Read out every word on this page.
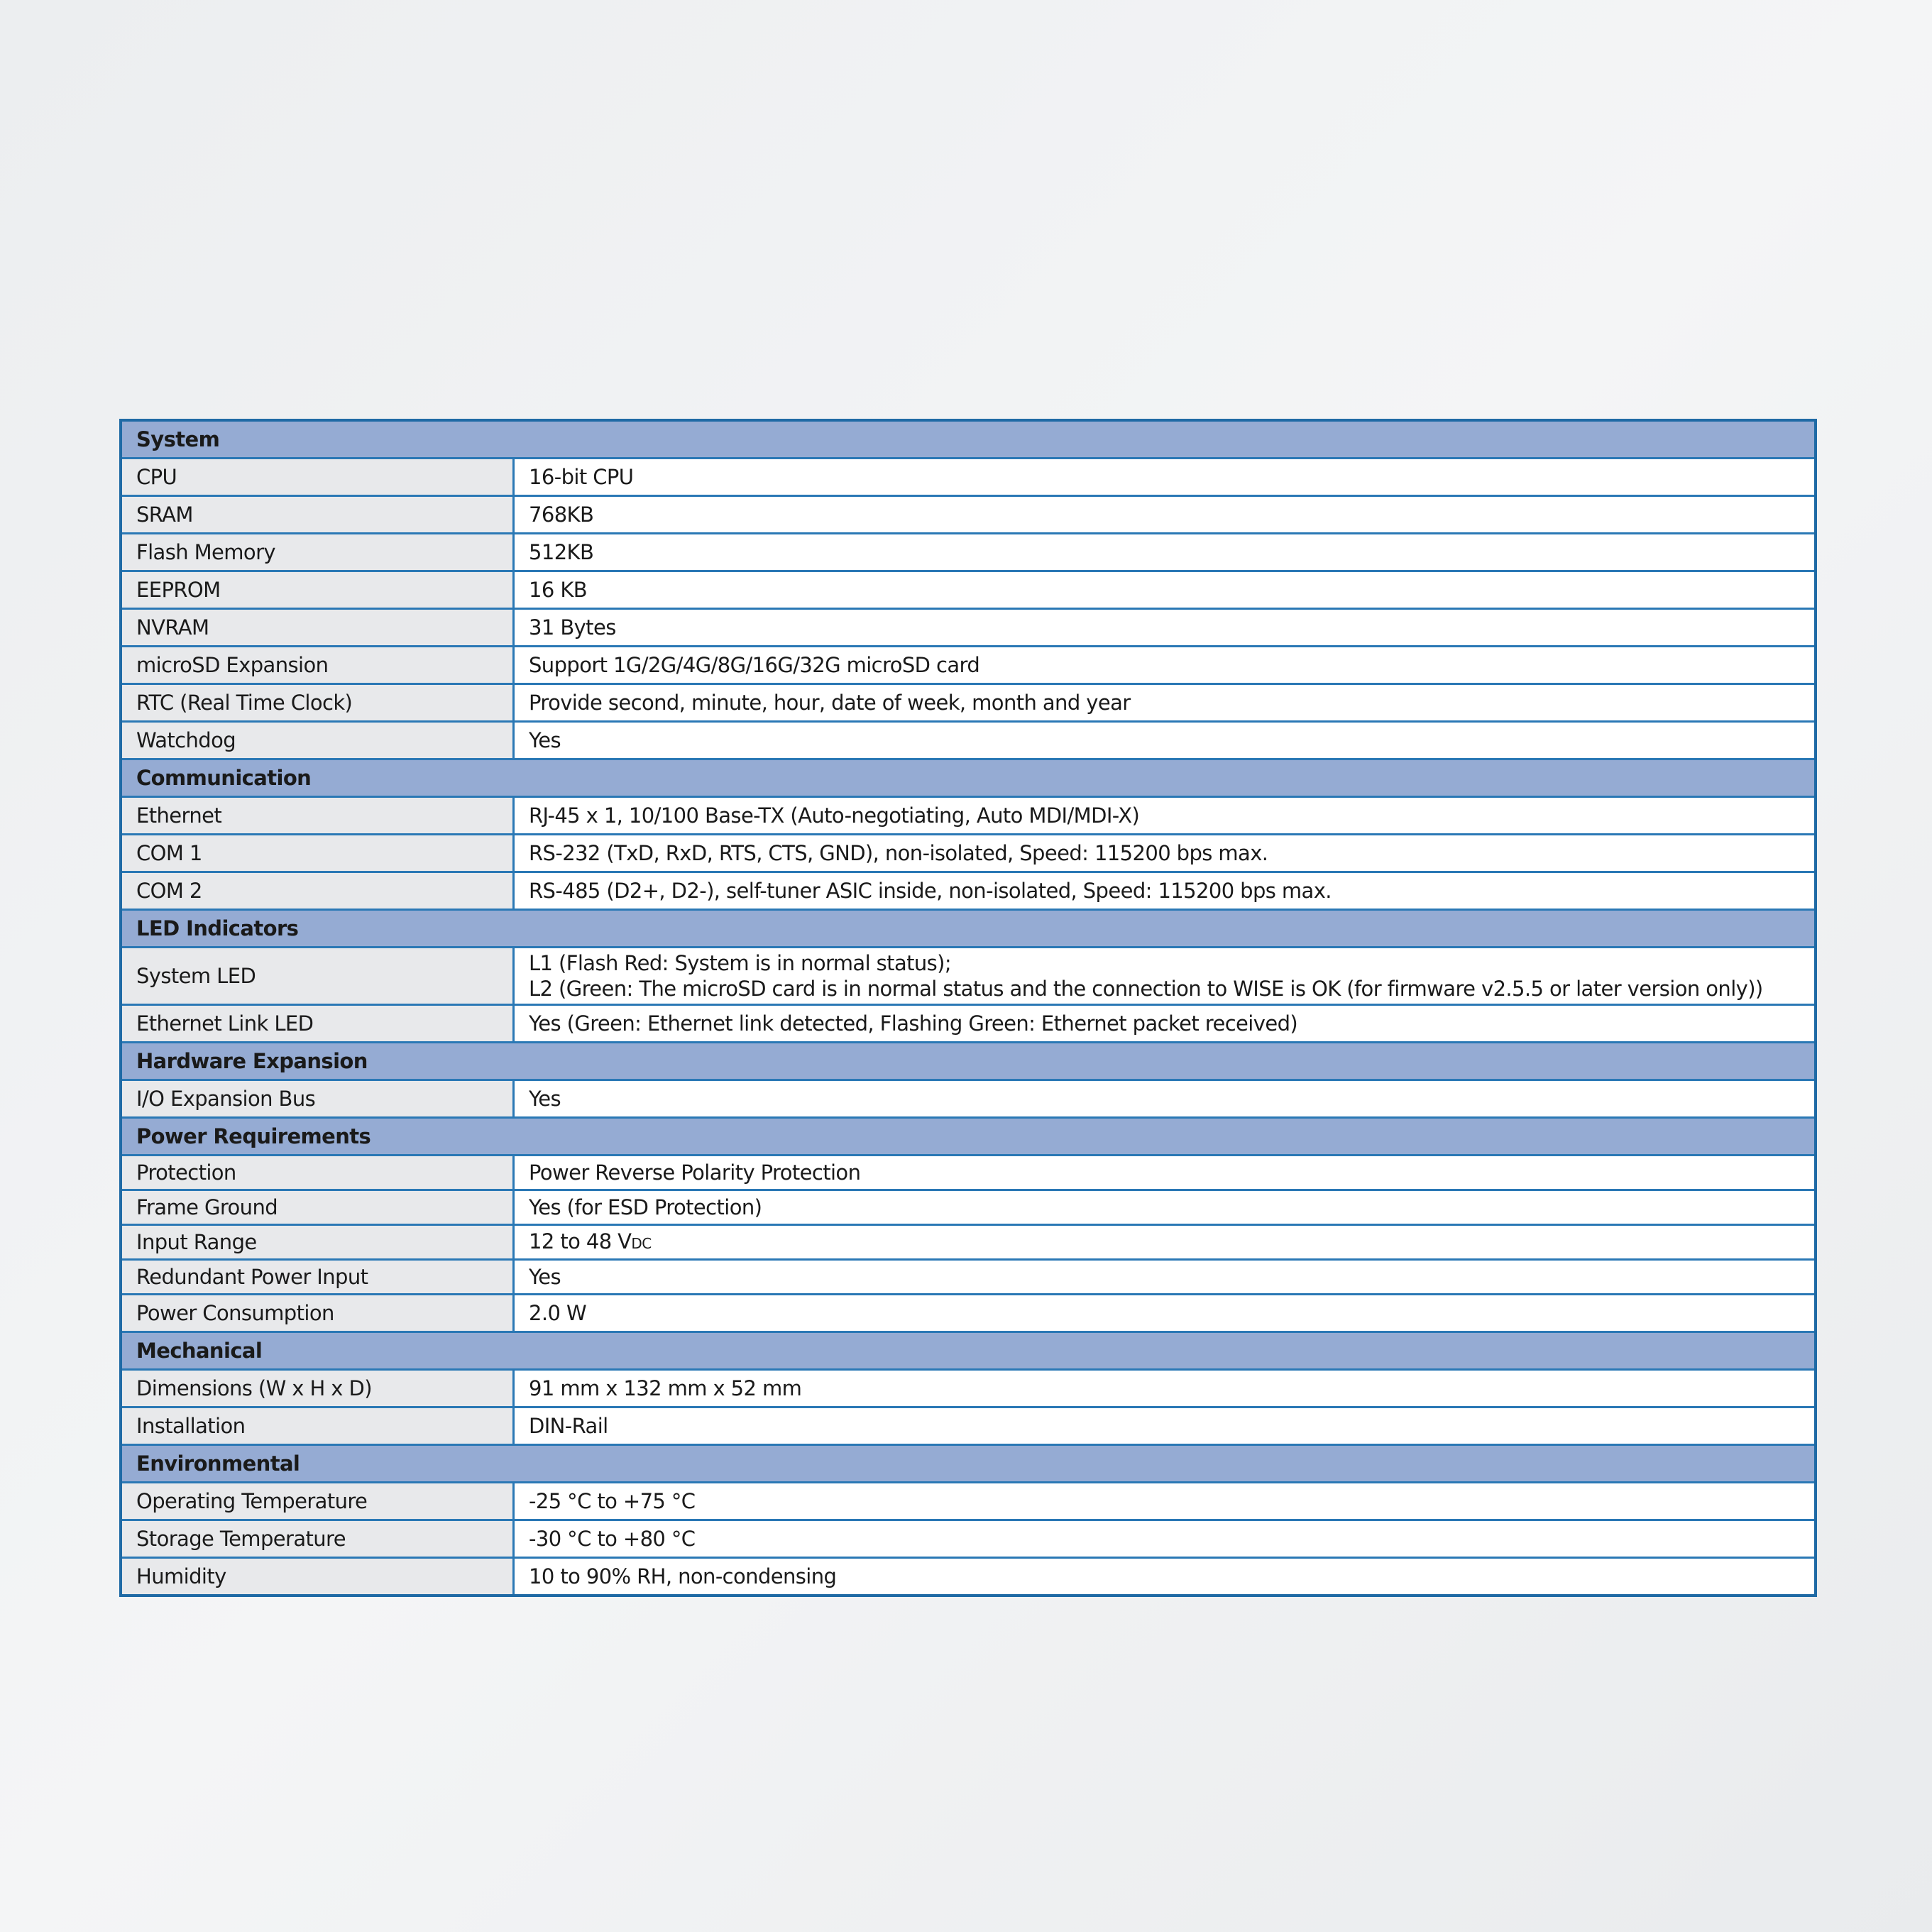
System	
CPU	16-bit CPU
SRAM	768KB
Flash Memory	512KB
EEPROM	16 KB
NVRAM	31 Bytes
microSD Expansion	Support 1G/2G/4G/8G/16G/32G microSD card
RTC (Real Time Clock)	Provide second, minute, hour, date of week, month and year
Watchdog	Yes
Communication	
Ethernet	RJ-45 x 1, 10/100 Base-TX (Auto-negotiating, Auto MDI/MDI-X)
COM 1	RS-232 (TxD, RxD, RTS, CTS, GND), non-isolated, Speed: 115200 bps max.
COM 2	RS-485 (D2+, D2-), self-tuner ASIC inside, non-isolated, Speed: 115200 bps max.
LED Indicators	
System LED	L1 (Flash Red: System is in normal status);
L2 (Green: The microSD card is in normal status and the connection to WISE is OK (for firmware v2.5.5 or later version only))

Ethernet Link LED	Yes (Green: Ethernet link detected, Flashing Green: Ethernet packet received)
Hardware Expansion	
I/O Expansion Bus	Yes
Power Requirements	
Protection	Power Reverse Polarity Protection
Frame Ground	Yes (for ESD Protection)
Input Range	12 to 48 VDC
Redundant Power Input	Yes
Power Consumption	2.0 W
Mechanical	
Dimensions (W x H x D)	91 mm x 132 mm x 52 mm
Installation	DIN-Rail
Environmental	
Operating Temperature	-25 °C to +75 °C
Storage Temperature	-30 °C to +80 °C
Humidity	10 to 90% RH, non-condensing
